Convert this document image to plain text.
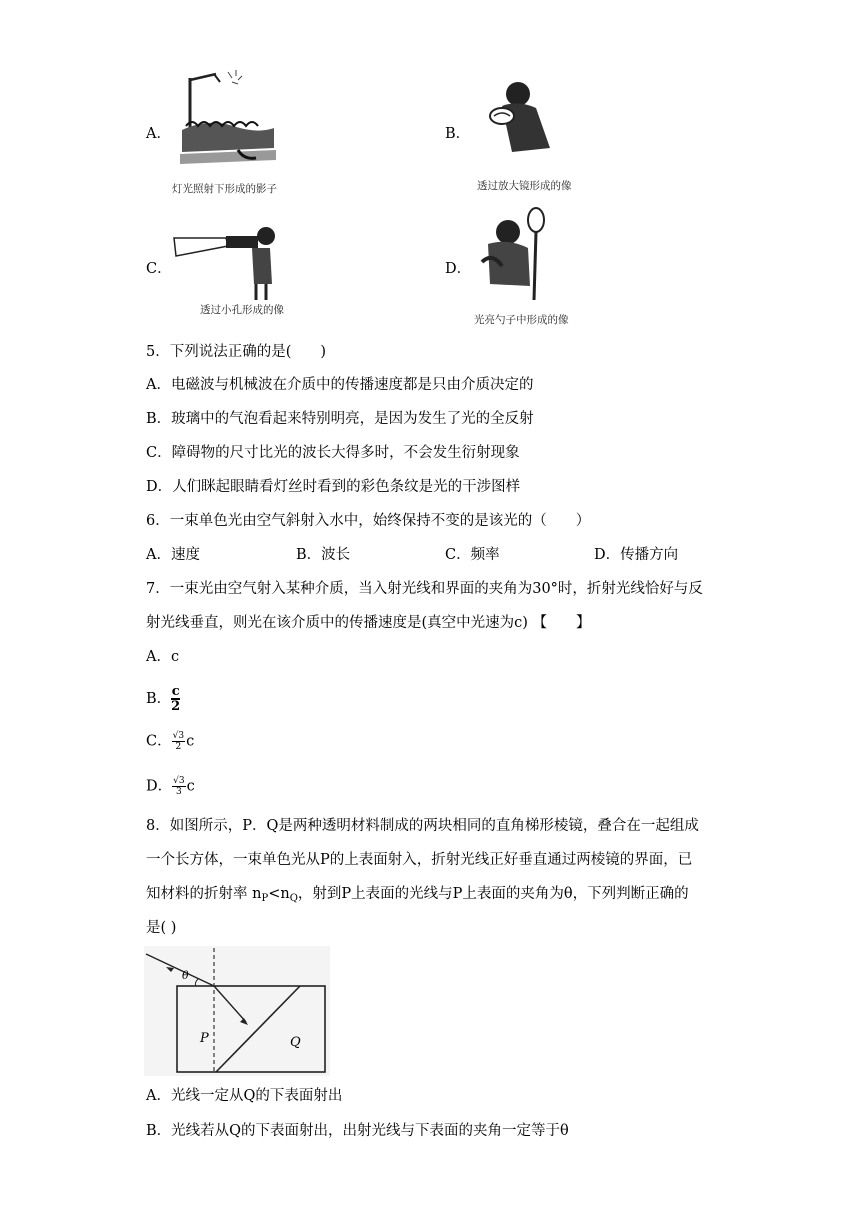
A．
灯光照射下形成的影子
B．
透过放大镜形成的像
C．
透过小孔形成的像
D．
光亮勺子中形成的像
5．下列说法正确的是(　　)
A．电磁波与机械波在介质中的传播速度都是只由介质决定的
B．玻璃中的气泡看起来特别明亮，是因为发生了光的全反射
C．障碍物的尺寸比光的波长大得多时，不会发生衍射现象
D．人们眯起眼睛看灯丝时看到的彩色条纹是光的干涉图样
6．一束单色光由空气斜射入水中，始终保持不变的是该光的（　　）
A．速度	B．波长	C．频率	D．传播方向
7．一束光由空气射入某种介质，当入射光线和界面的夹角为30°时，折射光线恰好与反
射光线垂直，则光在该介质中的传播速度是(真空中光速为c) 【　　】
A．c
B． $\frac{c}{2}$
C． $\frac{√3}{2}$ c
D． $\frac{√3}{3}$ c
8．如图所示，P．Q是两种透明材料制成的两块相同的直角梯形棱镜，叠合在一起组成
一个长方体，一束单色光从P的上表面射入，折射光线正好垂直通过两棱镜的界面，已
知材料的折射率 $n_P<n_Q$，射到P上表面的光线与P上表面的夹角为θ，下列判断正确的
是( )
θ
P	Q
A．光线一定从Q的下表面射出
B．光线若从Q的下表面射出，出射光线与下表面的夹角一定等于θ
